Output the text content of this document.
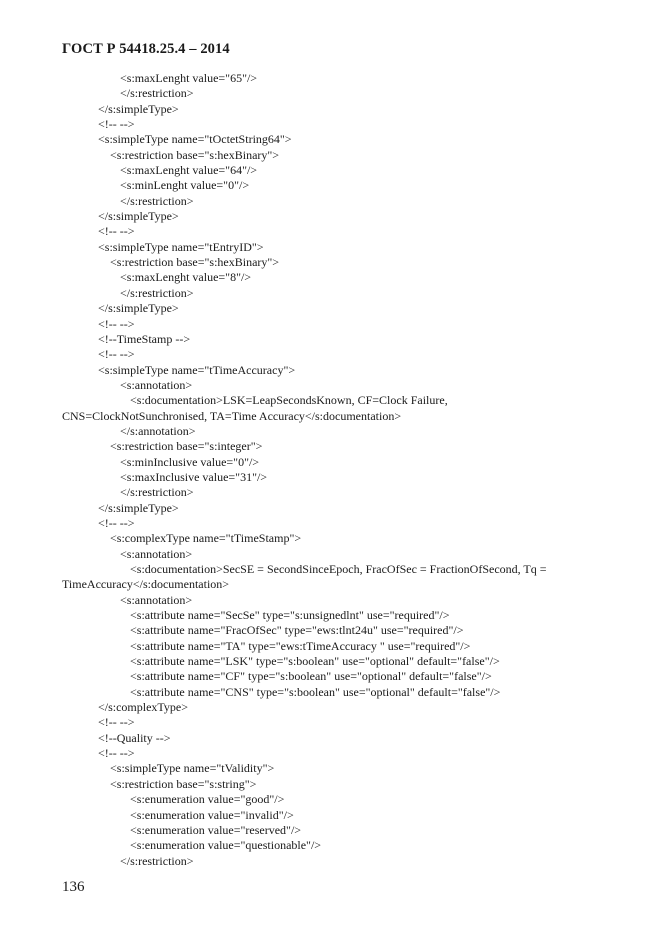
ГОСТ Р 54418.25.4 – 2014
<s:maxLenght value="65"/>
</s:restriction>
</s:simpleType>
<!-- -->
<s:simpleType name="tOctetString64">
<s:restriction base="s:hexBinary">
<s:maxLenght value="64"/>
<s:minLenght value="0"/>
</s:restriction>
</s:simpleType>
<!-- -->
<s:simpleType name="tEntryID">
<s:restriction base="s:hexBinary">
<s:maxLenght value="8"/>
</s:restriction>
</s:simpleType>
<!-- -->
<!--TimeStamp -->
<!-- -->
<s:simpleType name="tTimeAccuracy">
<s:annotation>
<s:documentation>LSK=LeapSecondsKnown, CF=Clock Failure,
CNS=ClockNotSunchronised, TA=Time Accuracy</s:documentation>
</s:annotation>
<s:restriction base="s:integer">
<s:minInclusive value="0"/>
<s:maxInclusive value="31"/>
</s:restriction>
</s:simpleType>
<!-- -->
<s:complexType name="tTimeStamp">
<s:annotation>
<s:documentation>SecSE = SecondSinceEpoch, FracOfSec = FractionOfSecond, Tq =
TimeAccuracy</s:documentation>
<s:annotation>
<s:attribute name="SecSe" type="s:unsignedlnt" use="required"/>
<s:attribute name="FracOfSec" type="ews:tlnt24u" use="required"/>
<s:attribute name="TA" type="ews:tTimeAccuracy " use="required"/>
<s:attribute name="LSK" type="s:boolean" use="optional" default="false"/>
<s:attribute name="CF" type="s:boolean" use="optional" default="false"/>
<s:attribute name="CNS" type="s:boolean" use="optional" default="false"/>
</s:complexType>
<!-- -->
<!--Quality -->
<!-- -->
<s:simpleType name="tValidity">
<s:restriction base="s:string">
<s:enumeration value="good"/>
<s:enumeration value="invalid"/>
<s:enumeration value="reserved"/>
<s:enumeration value="questionable"/>
</s:restriction>
136
